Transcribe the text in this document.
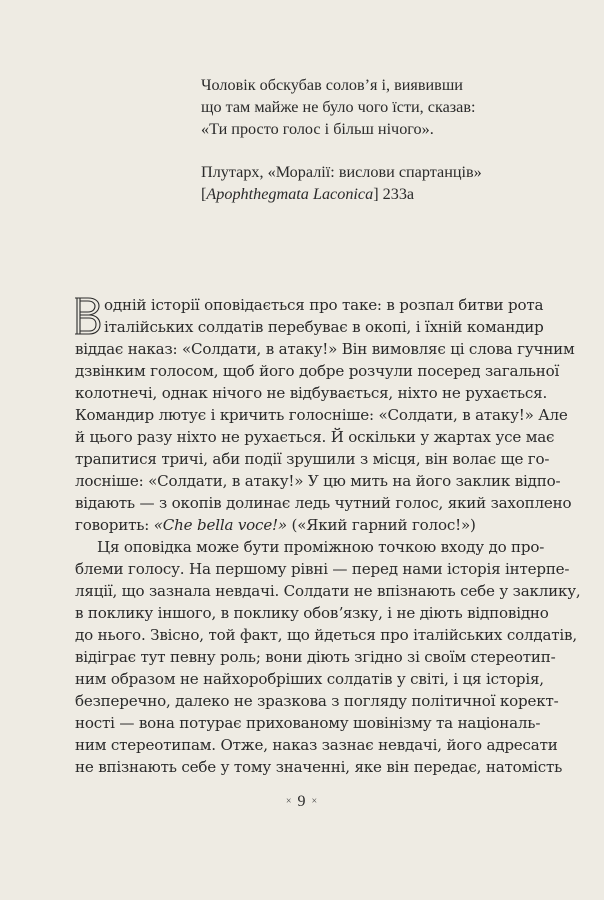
Чоловік обскубав соловʼя і, виявивши
що там майже не було чого їсти, сказав:
«Ти просто голос і більш нічого».
Плутарх, «Моралії: вислови спартанців»
[Apophthegmata Laconica] 233a
одній історії оповідається про таке: в розпал битви рота
італійських солдатів перебуває в окопі, і їхній командир
віддає наказ: «Солдати, в атаку!» Він вимовляє ці слова гучним
дзвінким голосом, щоб його добре розчули посеред загальної
колотнечі, однак нічого не відбувається, ніхто не рухається.
Командир лютує і кричить голосніше: «Солдати, в атаку!» Але
й цього разу ніхто не рухається. Й оскільки у жартах усе має
трапитися тричі, аби події зрушили з місця, він волає ще го-
лосніше: «Солдати, в атаку!» У цю мить на його заклик відпо-
відають — з окопів долинає ледь чутний голос, який захоплено
говорить: «Che bella voce!» («Який гарний голос!»)
Ця оповідка може бути проміжною точкою входу до про-
блеми голосу. На першому рівні — перед нами історія інтерпе-
ляції, що зазнала невдачі. Солдати не впізнають себе у заклику,
в поклику іншого, в поклику обовʼязку, і не діють відповідно
до нього. Звісно, той факт, що йдеться про італійських солдатів,
відіграє тут певну роль; вони діють згідно зі своїм стереотип-
ним образом не найхоробріших солдатів у світі, і ця історія,
безперечно, далеко не зразкова з погляду політичної корект-
ності — вона потурає прихованому шовінізму та національ-
ним стереотипам. Отже, наказ зазнає невдачі, його адресати
не впізнають себе у тому значенні, яке він передає, натомість
× 9 ×
